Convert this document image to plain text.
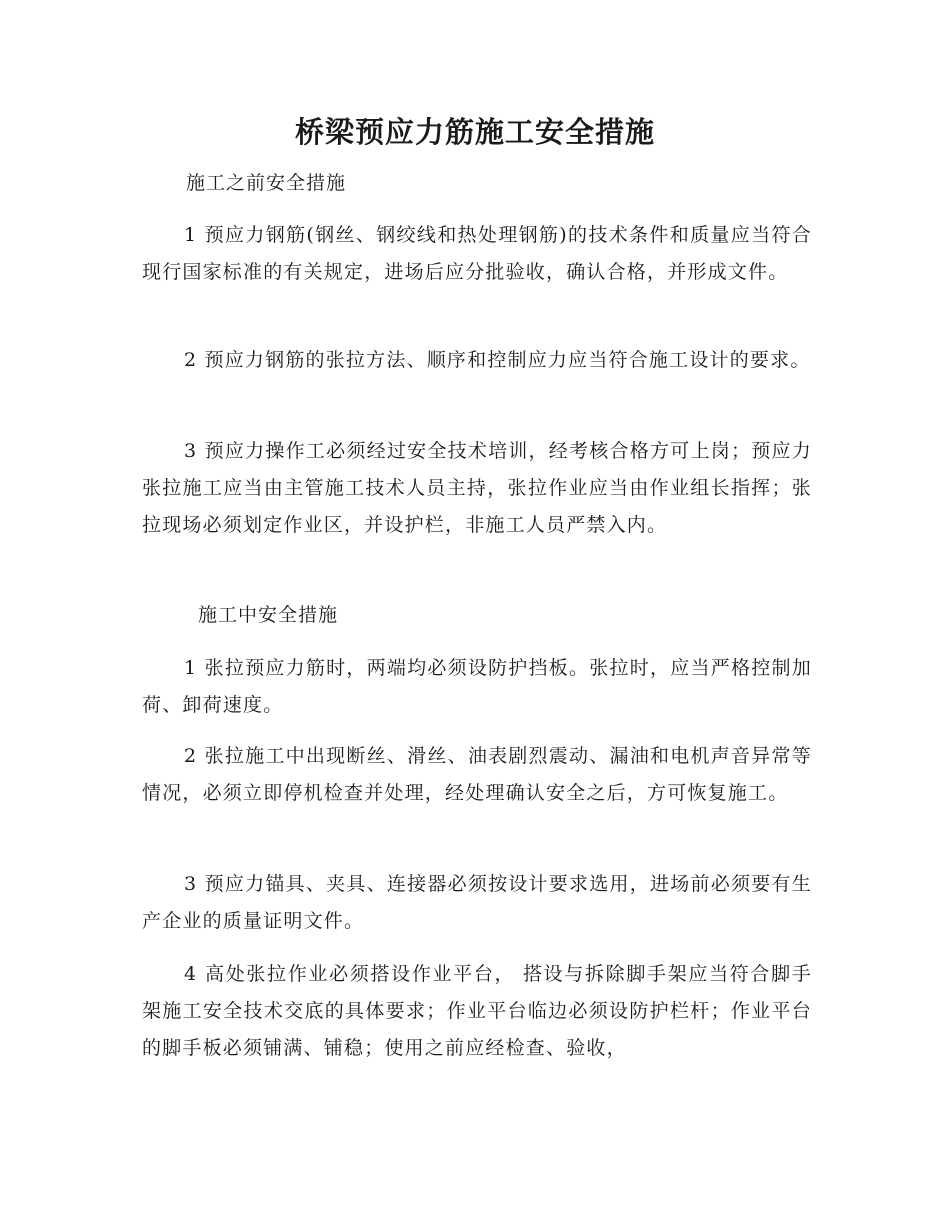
桥梁预应力筋施工安全措施
施工之前安全措施

1 预应力钢筋(钢丝、钢绞线和热处理钢筋)的技术条件和质量应当符合现行国家标准的有关规定，进场后应分批验收，确认合格，并形成文件。

2 预应力钢筋的张拉方法、顺序和控制应力应当符合施工设计的要求。

3 预应力操作工必须经过安全技术培训，经考核合格方可上岗；预应力张拉施工应当由主管施工技术人员主持，张拉作业应当由作业组长指挥；张拉现场必须划定作业区，并设护栏，非施工人员严禁入内。

施工中安全措施

1 张拉预应力筋时，两端均必须设防护挡板。张拉时，应当严格控制加荷、卸荷速度。

2 张拉施工中出现断丝、滑丝、油表剧烈震动、漏油和电机声音异常等情况，必须立即停机检查并处理，经处理确认安全之后，方可恢复施工。

3 预应力锚具、夹具、连接器必须按设计要求选用，进场前必须要有生产企业的质量证明文件。

4 高处张拉作业必须搭设作业平台， 搭设与拆除脚手架应当符合脚手架施工安全技术交底的具体要求；作业平台临边必须设防护栏杆；作业平台的脚手板必须铺满、铺稳；使用之前应经检查、验收，
